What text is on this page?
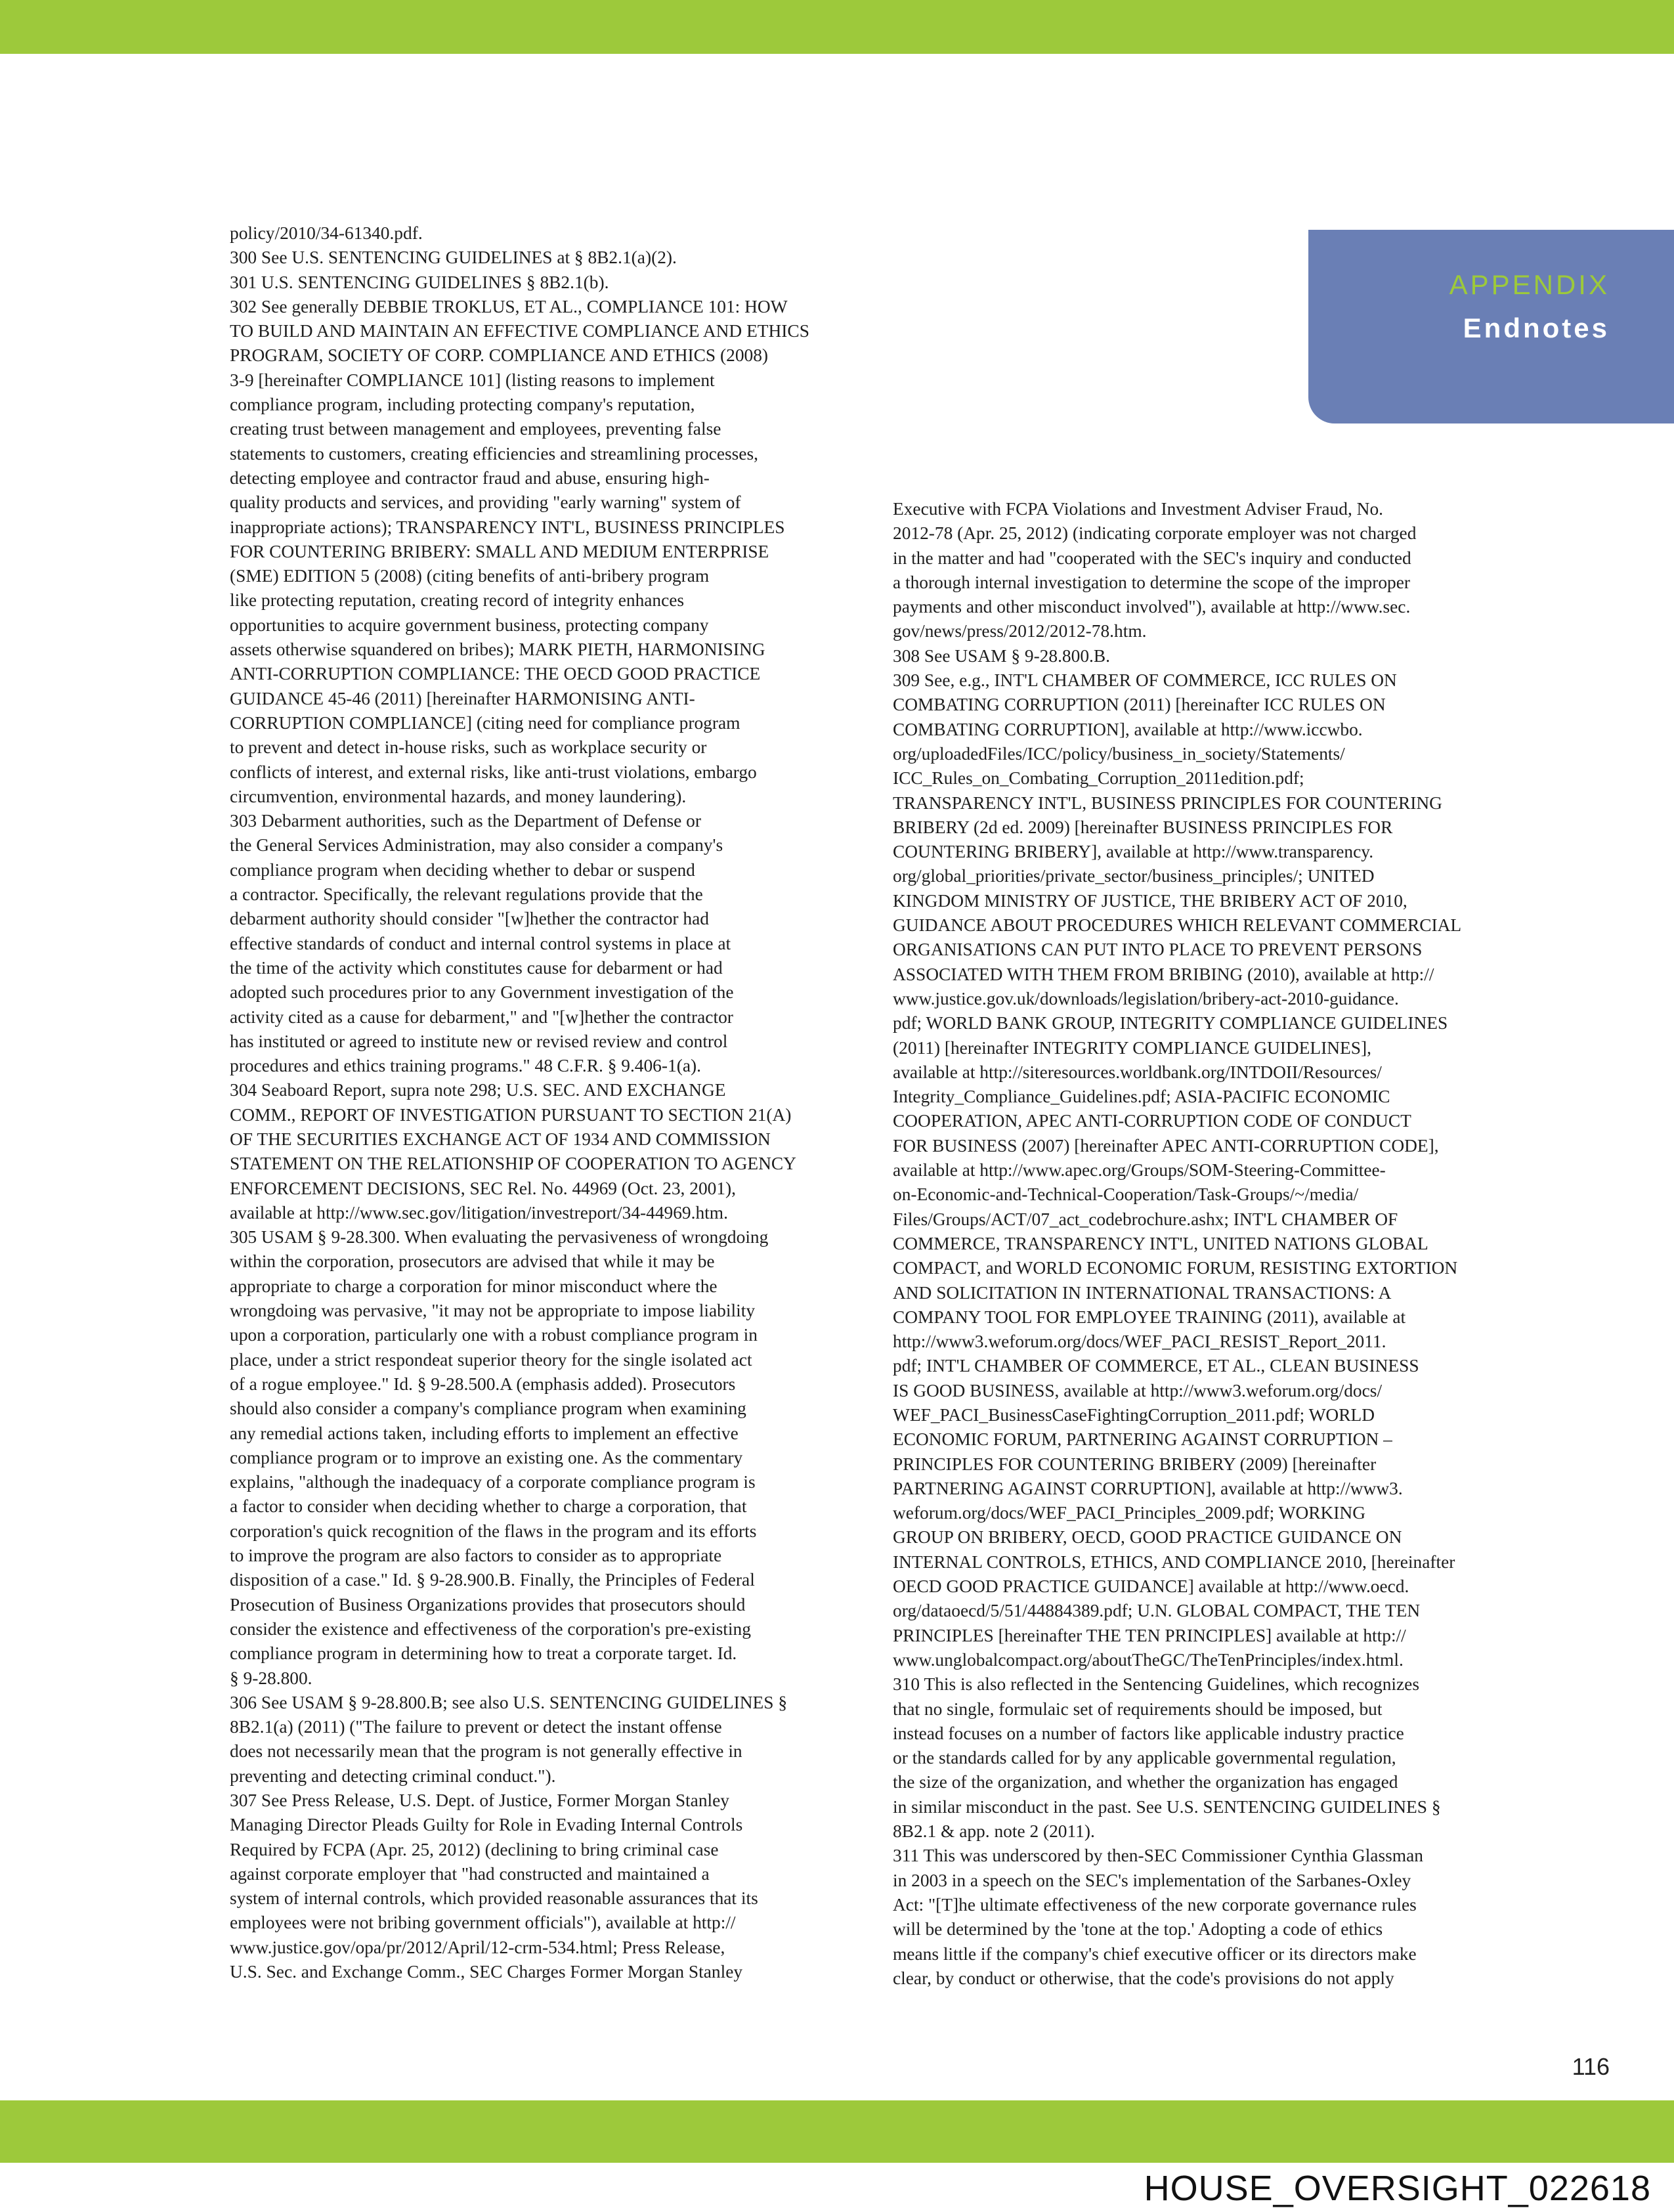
APPENDIX
Endnotes
policy/2010/34-61340.pdf.
300 See U.S. SENTENCING GUIDELINES at § 8B2.1(a)(2).
301 U.S. SENTENCING GUIDELINES § 8B2.1(b).
302 See generally DEBBIE TROKLUS, ET AL., COMPLIANCE 101: HOW
TO BUILD AND MAINTAIN AN EFFECTIVE COMPLIANCE AND ETHICS
PROGRAM, SOCIETY OF CORP. COMPLIANCE AND ETHICS (2008)
3-9 [hereinafter COMPLIANCE 101] (listing reasons to implement
compliance program, including protecting company's reputation,
creating trust between management and employees, preventing false
statements to customers, creating efficiencies and streamlining processes,
detecting employee and contractor fraud and abuse, ensuring high-
quality products and services, and providing "early warning" system of
inappropriate actions); TRANSPARENCY INT'L, BUSINESS PRINCIPLES
FOR COUNTERING BRIBERY: SMALL AND MEDIUM ENTERPRISE
(SME) EDITION 5 (2008) (citing benefits of anti-bribery program
like protecting reputation, creating record of integrity enhances
opportunities to acquire government business, protecting company
assets otherwise squandered on bribes); MARK PIETH, HARMONISING
ANTI-CORRUPTION COMPLIANCE: THE OECD GOOD PRACTICE
GUIDANCE 45-46 (2011) [hereinafter HARMONISING ANTI-
CORRUPTION COMPLIANCE] (citing need for compliance program
to prevent and detect in-house risks, such as workplace security or
conflicts of interest, and external risks, like anti-trust violations, embargo
circumvention, environmental hazards, and money laundering).
303 Debarment authorities, such as the Department of Defense or
the General Services Administration, may also consider a company's
compliance program when deciding whether to debar or suspend
a contractor. Specifically, the relevant regulations provide that the
debarment authority should consider "[w]hether the contractor had
effective standards of conduct and internal control systems in place at
the time of the activity which constitutes cause for debarment or had
adopted such procedures prior to any Government investigation of the
activity cited as a cause for debarment," and "[w]hether the contractor
has instituted or agreed to institute new or revised review and control
procedures and ethics training programs." 48 C.F.R. § 9.406-1(a).
304 Seaboard Report, supra note 298; U.S. SEC. AND EXCHANGE
COMM., REPORT OF INVESTIGATION PURSUANT TO SECTION 21(A)
OF THE SECURITIES EXCHANGE ACT OF 1934 AND COMMISSION
STATEMENT ON THE RELATIONSHIP OF COOPERATION TO AGENCY
ENFORCEMENT DECISIONS, SEC Rel. No. 44969 (Oct. 23, 2001),
available at http://www.sec.gov/litigation/investreport/34-44969.htm.
305 USAM § 9-28.300. When evaluating the pervasiveness of wrongdoing
within the corporation, prosecutors are advised that while it may be
appropriate to charge a corporation for minor misconduct where the
wrongdoing was pervasive, "it may not be appropriate to impose liability
upon a corporation, particularly one with a robust compliance program in
place, under a strict respondeat superior theory for the single isolated act
of a rogue employee." Id. § 9-28.500.A (emphasis added). Prosecutors
should also consider a company's compliance program when examining
any remedial actions taken, including efforts to implement an effective
compliance program or to improve an existing one. As the commentary
explains, "although the inadequacy of a corporate compliance program is
a factor to consider when deciding whether to charge a corporation, that
corporation's quick recognition of the flaws in the program and its efforts
to improve the program are also factors to consider as to appropriate
disposition of a case." Id. § 9-28.900.B. Finally, the Principles of Federal
Prosecution of Business Organizations provides that prosecutors should
consider the existence and effectiveness of the corporation's pre-existing
compliance program in determining how to treat a corporate target. Id.
§ 9-28.800.
306 See USAM § 9-28.800.B; see also U.S. SENTENCING GUIDELINES §
8B2.1(a) (2011) ("The failure to prevent or detect the instant offense
does not necessarily mean that the program is not generally effective in
preventing and detecting criminal conduct.").
307 See Press Release, U.S. Dept. of Justice, Former Morgan Stanley
Managing Director Pleads Guilty for Role in Evading Internal Controls
Required by FCPA (Apr. 25, 2012) (declining to bring criminal case
against corporate employer that "had constructed and maintained a
system of internal controls, which provided reasonable assurances that its
employees were not bribing government officials"), available at http://
www.justice.gov/opa/pr/2012/April/12-crm-534.html; Press Release,
U.S. Sec. and Exchange Comm., SEC Charges Former Morgan Stanley
Executive with FCPA Violations and Investment Adviser Fraud, No.
2012-78 (Apr. 25, 2012) (indicating corporate employer was not charged
in the matter and had "cooperated with the SEC's inquiry and conducted
a thorough internal investigation to determine the scope of the improper
payments and other misconduct involved"), available at http://www.sec.
gov/news/press/2012/2012-78.htm.
308 See USAM § 9-28.800.B.
309 See, e.g., INT'L CHAMBER OF COMMERCE, ICC RULES ON
COMBATING CORRUPTION (2011) [hereinafter ICC RULES ON
COMBATING CORRUPTION], available at http://www.iccwbo.
org/uploadedFiles/ICC/policy/business_in_society/Statements/
ICC_Rules_on_Combating_Corruption_2011edition.pdf;
TRANSPARENCY INT'L, BUSINESS PRINCIPLES FOR COUNTERING
BRIBERY (2d ed. 2009) [hereinafter BUSINESS PRINCIPLES FOR
COUNTERING BRIBERY], available at http://www.transparency.
org/global_priorities/private_sector/business_principles/; UNITED
KINGDOM MINISTRY OF JUSTICE, THE BRIBERY ACT OF 2010,
GUIDANCE ABOUT PROCEDURES WHICH RELEVANT COMMERCIAL
ORGANISATIONS CAN PUT INTO PLACE TO PREVENT PERSONS
ASSOCIATED WITH THEM FROM BRIBING (2010), available at http://
www.justice.gov.uk/downloads/legislation/bribery-act-2010-guidance.
pdf; WORLD BANK GROUP, INTEGRITY COMPLIANCE GUIDELINES
(2011) [hereinafter INTEGRITY COMPLIANCE GUIDELINES],
available at http://siteresources.worldbank.org/INTDOII/Resources/
Integrity_Compliance_Guidelines.pdf; ASIA-PACIFIC ECONOMIC
COOPERATION, APEC ANTI-CORRUPTION CODE OF CONDUCT
FOR BUSINESS (2007) [hereinafter APEC ANTI-CORRUPTION CODE],
available at http://www.apec.org/Groups/SOM-Steering-Committee-
on-Economic-and-Technical-Cooperation/Task-Groups/~/media/
Files/Groups/ACT/07_act_codebrochure.ashx; INT'L CHAMBER OF
COMMERCE, TRANSPARENCY INT'L, UNITED NATIONS GLOBAL
COMPACT, and WORLD ECONOMIC FORUM, RESISTING EXTORTION
AND SOLICITATION IN INTERNATIONAL TRANSACTIONS: A
COMPANY TOOL FOR EMPLOYEE TRAINING (2011), available at
http://www3.weforum.org/docs/WEF_PACI_RESIST_Report_2011.
pdf; INT'L CHAMBER OF COMMERCE, ET AL., CLEAN BUSINESS
IS GOOD BUSINESS, available at http://www3.weforum.org/docs/
WEF_PACI_BusinessCaseFightingCorruption_2011.pdf; WORLD
ECONOMIC FORUM, PARTNERING AGAINST CORRUPTION –
PRINCIPLES FOR COUNTERING BRIBERY (2009) [hereinafter
PARTNERING AGAINST CORRUPTION], available at http://www3.
weforum.org/docs/WEF_PACI_Principles_2009.pdf; WORKING
GROUP ON BRIBERY, OECD, GOOD PRACTICE GUIDANCE ON
INTERNAL CONTROLS, ETHICS, AND COMPLIANCE 2010, [hereinafter
OECD GOOD PRACTICE GUIDANCE] available at http://www.oecd.
org/dataoecd/5/51/44884389.pdf; U.N. GLOBAL COMPACT, THE TEN
PRINCIPLES [hereinafter THE TEN PRINCIPLES] available at http://
www.unglobalcompact.org/aboutTheGC/TheTenPrinciples/index.html.
310 This is also reflected in the Sentencing Guidelines, which recognizes
that no single, formulaic set of requirements should be imposed, but
instead focuses on a number of factors like applicable industry practice
or the standards called for by any applicable governmental regulation,
the size of the organization, and whether the organization has engaged
in similar misconduct in the past. See U.S. SENTENCING GUIDELINES §
8B2.1 & app. note 2 (2011).
311 This was underscored by then-SEC Commissioner Cynthia Glassman
in 2003 in a speech on the SEC's implementation of the Sarbanes-Oxley
Act: "[T]he ultimate effectiveness of the new corporate governance rules
will be determined by the 'tone at the top.' Adopting a code of ethics
means little if the company's chief executive officer or its directors make
clear, by conduct or otherwise, that the code's provisions do not apply
116
HOUSE_OVERSIGHT_022618
